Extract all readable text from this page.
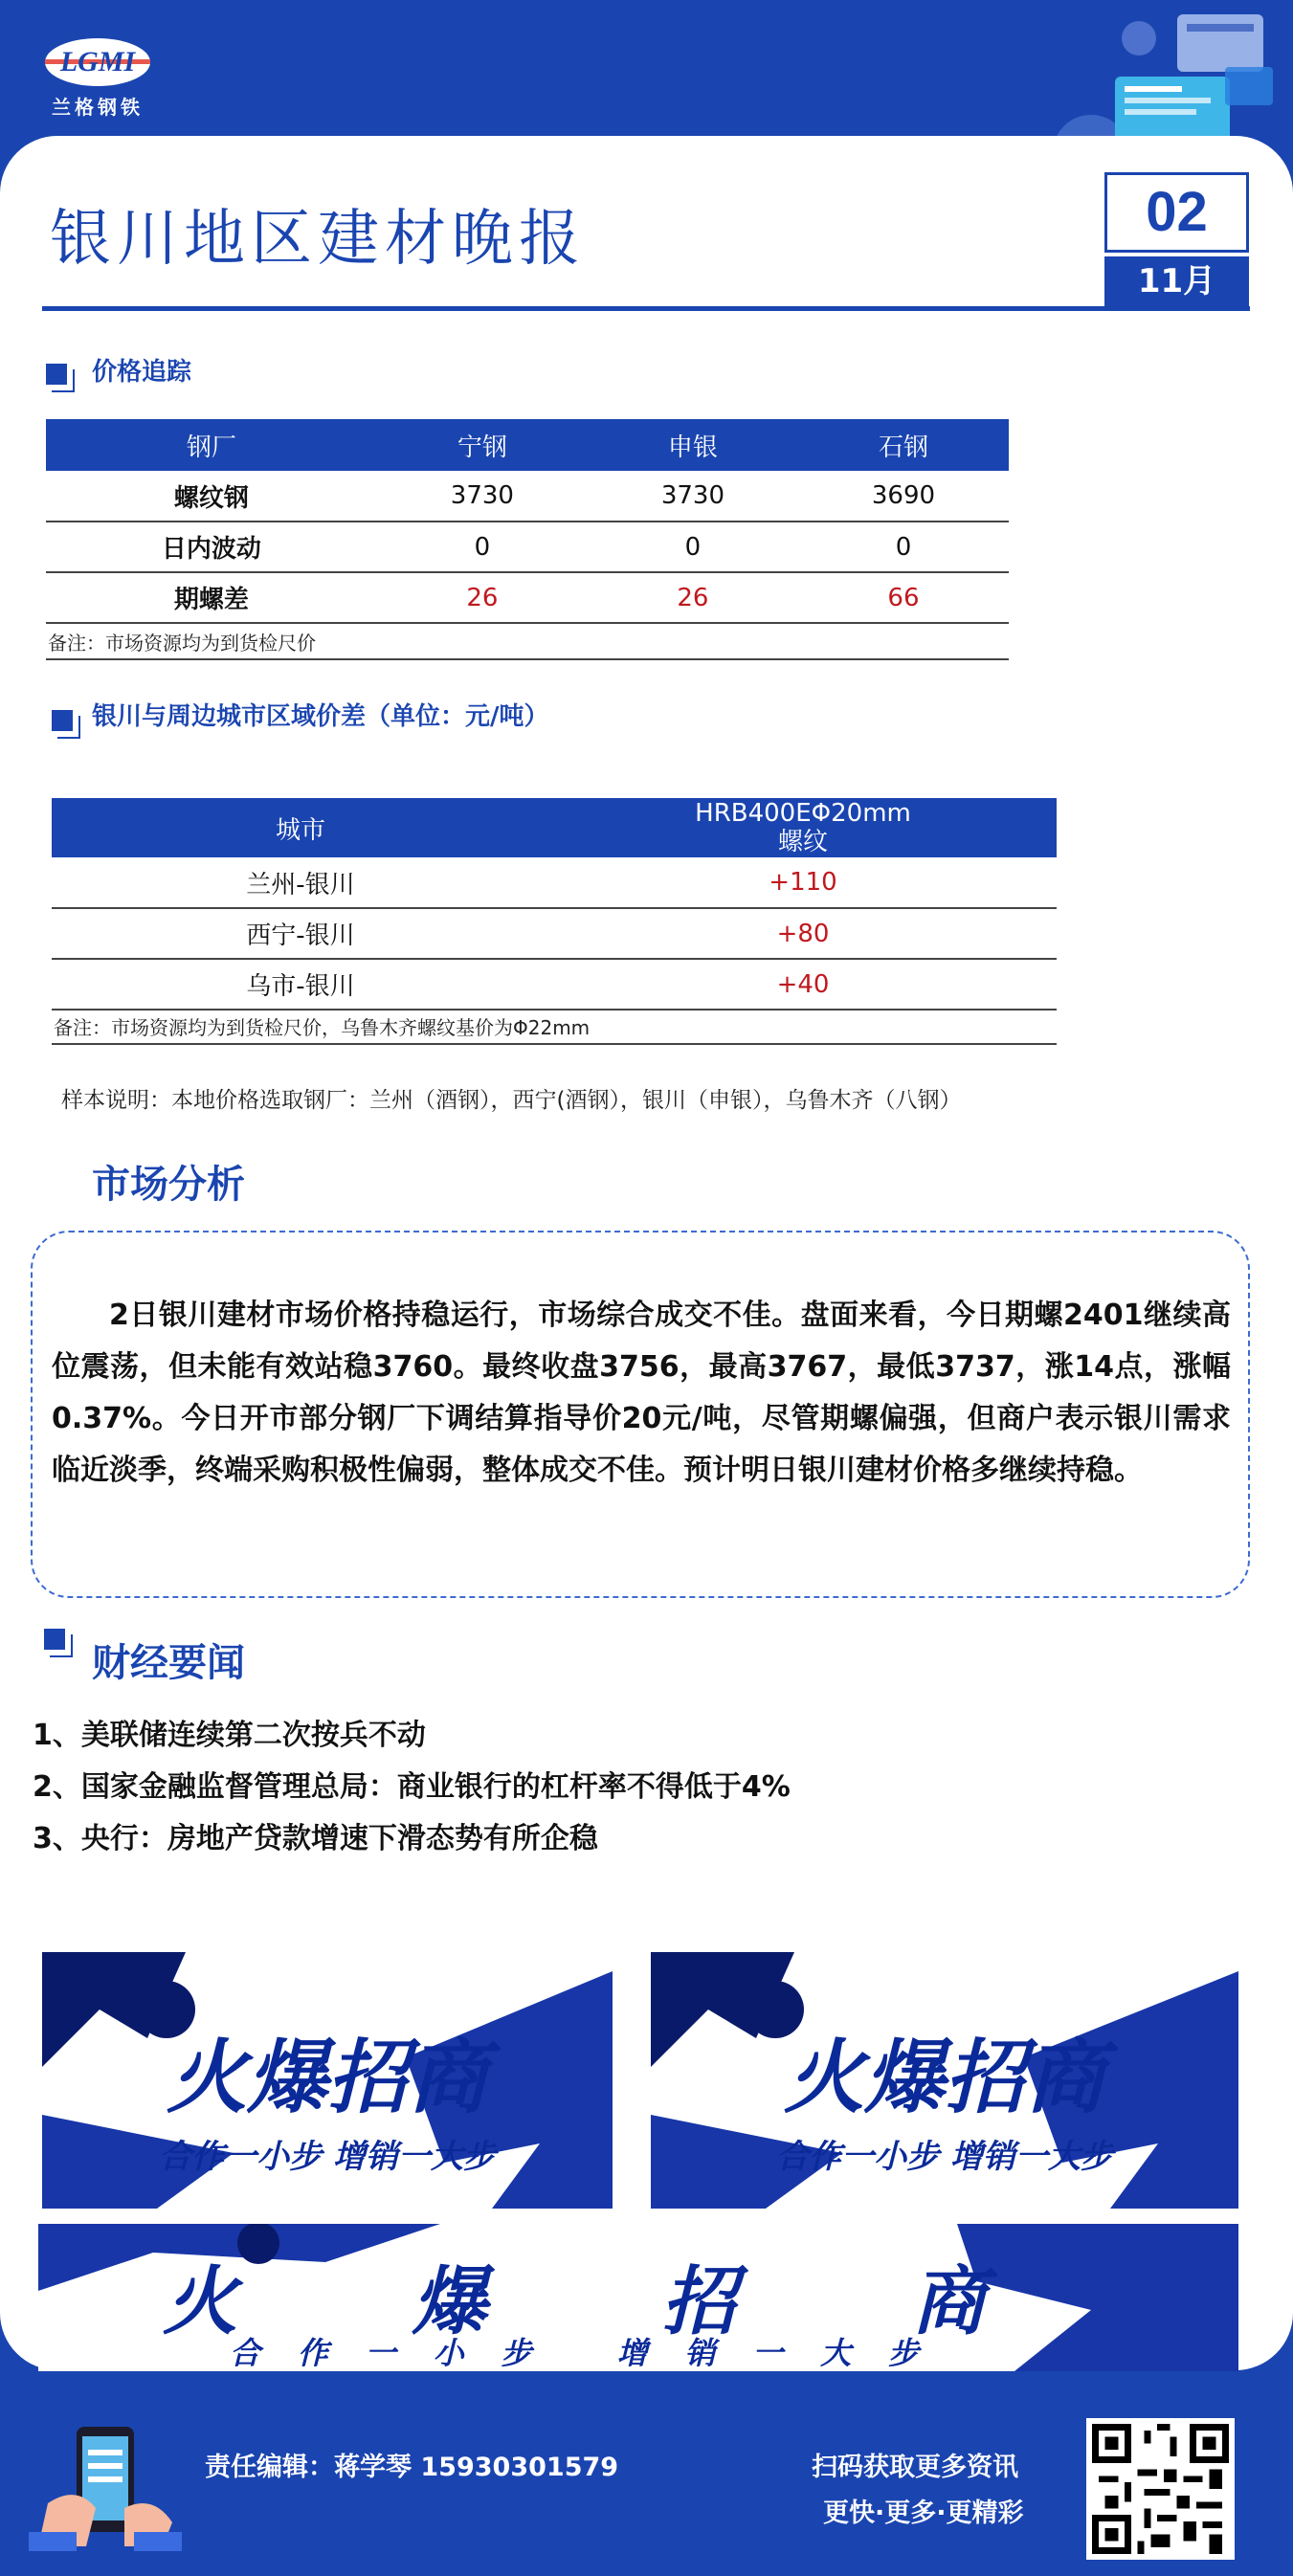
LGMI
兰格钢铁
银川地区建材晚报	02
11月
价格追踪
钢厂	宁钢	申银	石钢
螺纹钢	3730	3730	3690
日内波动	0	0	0
期螺差	26	26	66
备注：市场资源均为到货检尺价
银川与周边城市区域价差（单位：元/吨）
城市	HRB400EΦ20mm
螺纹

兰州-银川	+110
西宁-银川	+80
乌市-银川	+40
备注：市场资源均为到货检尺价，乌鲁木齐螺纹基价为Φ22mm
样本说明：本地价格选取钢厂：兰州（酒钢），西宁(酒钢），银川（申银），乌鲁木齐（八钢）
市场分析

2日银川建材市场价格持稳运行，市场综合成交不佳。盘面来看，今日期螺2401继续高位震荡，但未能有效站稳3760。最终收盘3756，最高3767，最低3737，涨14点，涨幅0.37%。今日开市部分钢厂下调结算指导价20元/吨，尽管期螺偏强，但商户表示银川需求临近淡季，终端采购积极性偏弱，整体成交不佳。预计明日银川建材价格多继续持稳。

财经要闻
1、美联储连续第二次按兵不动
2、国家金融监督管理总局：商业银行的杠杆率不得低于4%
3、央行：房地产贷款增速下滑态势有所企稳
火爆招商
合作一小步 增销一大步
火爆招商
合作一小步 增销一大步
火爆招商
合作一小步 增销一大步
责任编辑：蒋学琴 15930301579	扫码获取更多资讯
更快·更多·更精彩
